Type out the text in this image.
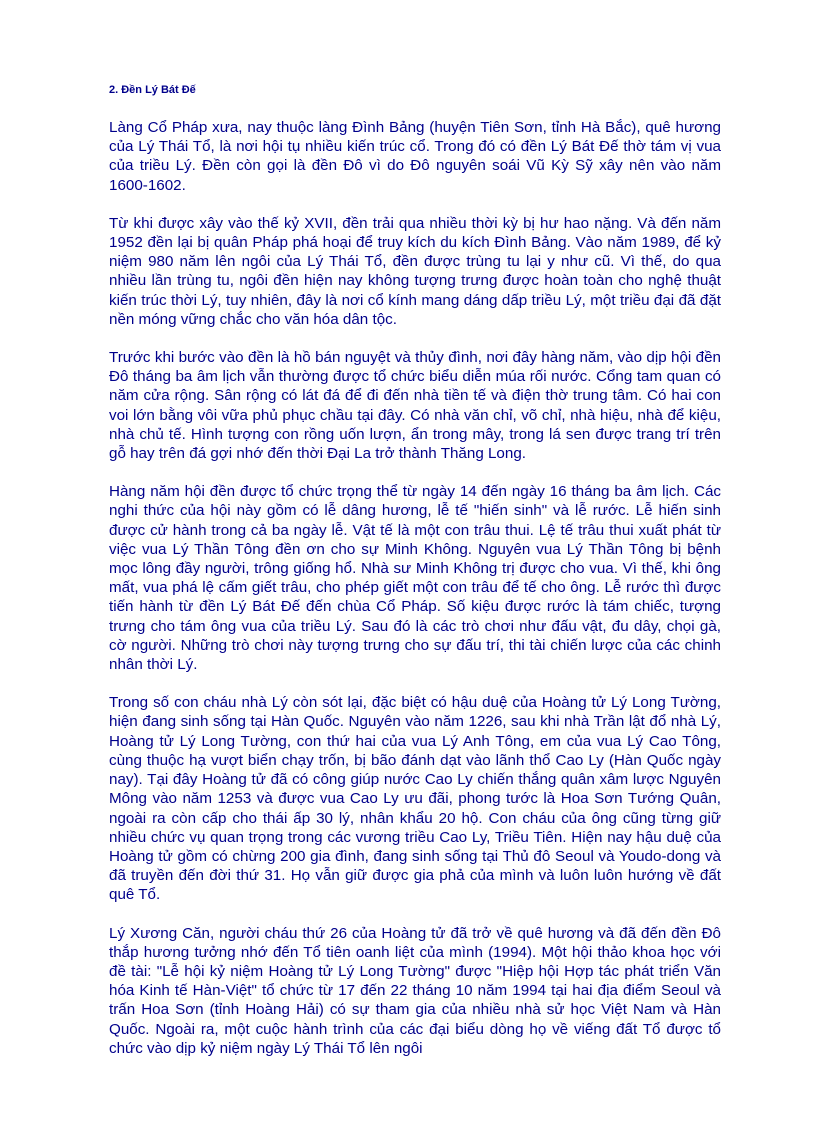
2. Đền Lý Bát Đế

Làng Cổ Pháp xưa, nay thuộc làng Đình Bảng (huyện Tiên Sơn, tỉnh Hà Bắc), quê hương của Lý Thái Tổ, là nơi hội tụ nhiều kiến trúc cổ. Trong đó có đền Lý Bát Đế thờ tám vị vua của triều Lý. Đền còn gọi là đền Đô vì do Đô nguyên soái Vũ Kỳ Sỹ xây nên vào năm 1600-1602.

Từ khi được xây vào thế kỷ XVII, đền trải qua nhiều thời kỳ bị hư hao nặng. Và đến năm 1952 đền lại bị quân Pháp phá hoại để truy kích du kích Đình Bảng. Vào năm 1989, để kỷ niệm 980 năm lên ngôi của Lý Thái Tổ, đền được trùng tu lại y như cũ. Vì thế, do qua nhiều lần trùng tu, ngôi đền hiện nay không tượng trưng được hoàn toàn cho nghệ thuật kiến trúc thời Lý, tuy nhiên, đây là nơi cổ kính mang dáng dấp triều Lý, một triều đại đã đặt nền móng vững chắc cho văn hóa dân tộc.

Trước khi bước vào đền là hồ bán nguyệt và thủy đình, nơi đây hàng năm, vào dịp hội đền Đô tháng ba âm lịch vẫn thường được tổ chức biểu diễn múa rối nước. Cổng tam quan có năm cửa rộng. Sân rộng có lát đá để đi đến nhà tiền tế và điện thờ trung tâm. Có hai con voi lớn bằng vôi vữa phủ phục chầu tại đây. Có nhà văn chỉ, võ chỉ, nhà hiệu, nhà để kiệu, nhà chủ tế. Hình tượng con rồng uốn lượn, ẩn trong mây, trong lá sen được trang trí trên gỗ hay trên đá gợi nhớ đến thời Đại La trở thành Thăng Long.

Hàng năm hội đền được tổ chức trọng thể từ ngày 14 đến ngày 16 tháng ba âm lịch. Các nghi thức của hội này gồm có lễ dâng hương, lễ tế "hiến sinh" và lễ rước. Lễ hiến sinh được cử hành trong cả ba ngày lễ. Vật tế là một con trâu thui. Lệ tế trâu thui xuất phát từ việc vua Lý Thần Tông đền ơn cho sự Minh Không. Nguyên vua Lý Thần Tông bị bệnh mọc lông đầy người, trông giống hổ. Nhà sư Minh Không trị được cho vua. Vì thế, khi ông mất, vua phá lệ cấm giết trâu, cho phép giết một con trâu để tế cho ông. Lễ rước thì được tiến hành từ đền Lý Bát Đế đến chùa Cổ Pháp. Số kiệu được rước là tám chiếc, tượng trưng cho tám ông vua của triều Lý. Sau đó là các trò chơi như đấu vật, đu dây, chọi gà, cờ người. Những trò chơi này tượng trưng cho sự đấu trí, thi tài chiến lược của các chinh nhân thời Lý.

Trong số con cháu nhà Lý còn sót lại, đặc biệt có hậu duệ của Hoàng tử Lý Long Tường, hiện đang sinh sống tại Hàn Quốc. Nguyên vào năm 1226, sau khi nhà Trần lật đổ nhà Lý, Hoàng tử Lý Long Tường, con thứ hai của vua Lý Anh Tông, em của vua Lý Cao Tông, cùng thuộc hạ vượt biển chạy trốn, bị bão đánh dạt vào lãnh thổ Cao Ly (Hàn Quốc ngày nay). Tại đây Hoàng tử đã có công giúp nước Cao Ly chiến thắng quân xâm lược Nguyên Mông vào năm 1253 và được vua Cao Ly ưu đãi, phong tước là Hoa Sơn Tướng Quân, ngoài ra còn cấp cho thái ấp 30 lý, nhân khẩu 20 hộ. Con cháu của ông cũng từng giữ nhiều chức vụ quan trọng trong các vương triều Cao Ly, Triều Tiên. Hiện nay hậu duệ của Hoàng tử gồm có chừng 200 gia đình, đang sinh sống tại Thủ đô Seoul và Youdo-dong và đã truyền đến đời thứ 31. Họ vẫn giữ được gia phả của mình và luôn luôn hướng về đất quê Tổ.

Lý Xương Căn, người cháu thứ 26 của Hoàng tử đã trở về quê hương và đã đến đền Đô thắp hương tưởng nhớ đến Tổ tiên oanh liệt của mình (1994). Một hội thảo khoa học với đề tài: "Lễ hội kỷ niệm Hoàng tử Lý Long Tường" được "Hiệp hội Hợp tác phát triển Văn hóa Kinh tế Hàn-Việt" tổ chức từ 17 đến 22 tháng 10 năm 1994 tại hai địa điểm Seoul và trấn Hoa Sơn (tỉnh Hoàng Hải) có sự tham gia của nhiều nhà sử học Việt Nam và Hàn Quốc. Ngoài ra, một cuộc hành trình của các đại biểu dòng họ về viếng đất Tổ được tổ chức vào dịp kỷ niệm ngày Lý Thái Tổ lên ngôi
